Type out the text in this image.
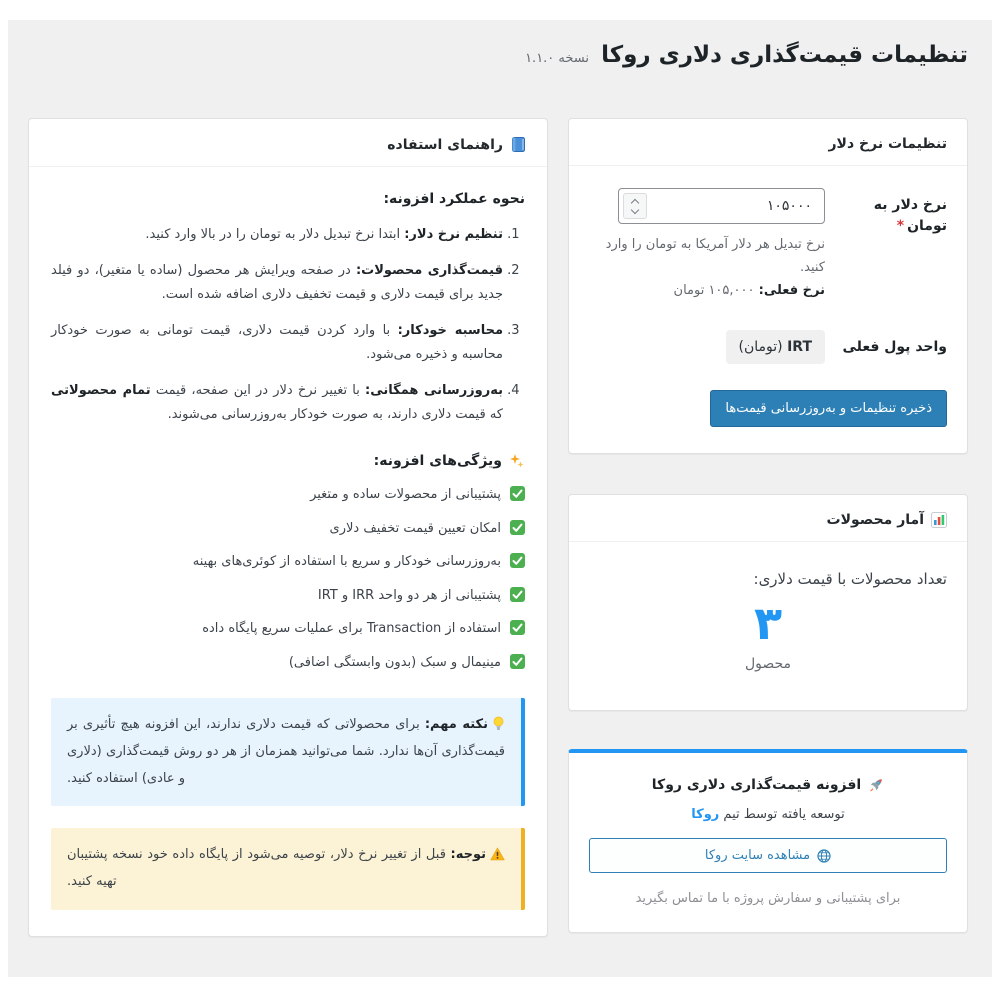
تنظیمات قیمت‌گذاری دلاری روکا نسخه ۱.۱.۰
تنظیمات نرخ دلار
نرخ دلار به تومان*
۱۰۵۰۰۰

نرخ تبدیل هر دلار آمریکا به تومان را وارد کنید.
نرخ فعلی: ۱۰۵,۰۰۰ تومان

واحد پول فعلی
IRT (تومان)
ذخیره تنظیمات و به‌روزرسانی قیمت‌ها
آمار محصولات

تعداد محصولات با قیمت دلاری:

۳
محصول
افزونه قیمت‌گذاری دلاری روکا

توسعه یافته توسط تیم روکا

مشاهده سایت روکا

برای پشتیبانی و سفارش پروژه با ما تماس بگیرید

راهنمای استفاده
نحوه عملکرد افزونه:
1. تنظیم نرخ دلار: ابتدا نرخ تبدیل دلار به تومان را در بالا وارد کنید.
2. قیمت‌گذاری محصولات: در صفحه ویرایش هر محصول (ساده یا متغیر)، دو فیلد جدید برای قیمت دلاری و قیمت تخفیف دلاری اضافه شده است.
3. محاسبه خودکار: با وارد کردن قیمت دلاری، قیمت تومانی به صورت خودکار محاسبه و ذخیره می‌شود.
4. به‌روزرسانی همگانی: با تغییر نرخ دلار در این صفحه، قیمت تمام محصولاتی که قیمت دلاری دارند، به صورت خودکار به‌روزرسانی می‌شوند.
ویژگی‌های افزونه:
پشتیبانی از محصولات ساده و متغیر
امکان تعیین قیمت تخفیف دلاری
به‌روزرسانی خودکار و سریع با استفاده از کوئری‌های بهینه
پشتیبانی از هر دو واحد IRR و IRT
استفاده از Transaction برای عملیات سریع پایگاه داده
مینیمال و سبک (بدون وابستگی اضافی)
نکته مهم: برای محصولاتی که قیمت دلاری ندارند، این افزونه هیچ تأثیری بر قیمت‌گذاری آن‌ها ندارد. شما می‌توانید همزمان از هر دو روش قیمت‌گذاری (دلاری و عادی) استفاده کنید.
توجه: قبل از تغییر نرخ دلار، توصیه می‌شود از پایگاه داده خود نسخه پشتیبان تهیه کنید.
